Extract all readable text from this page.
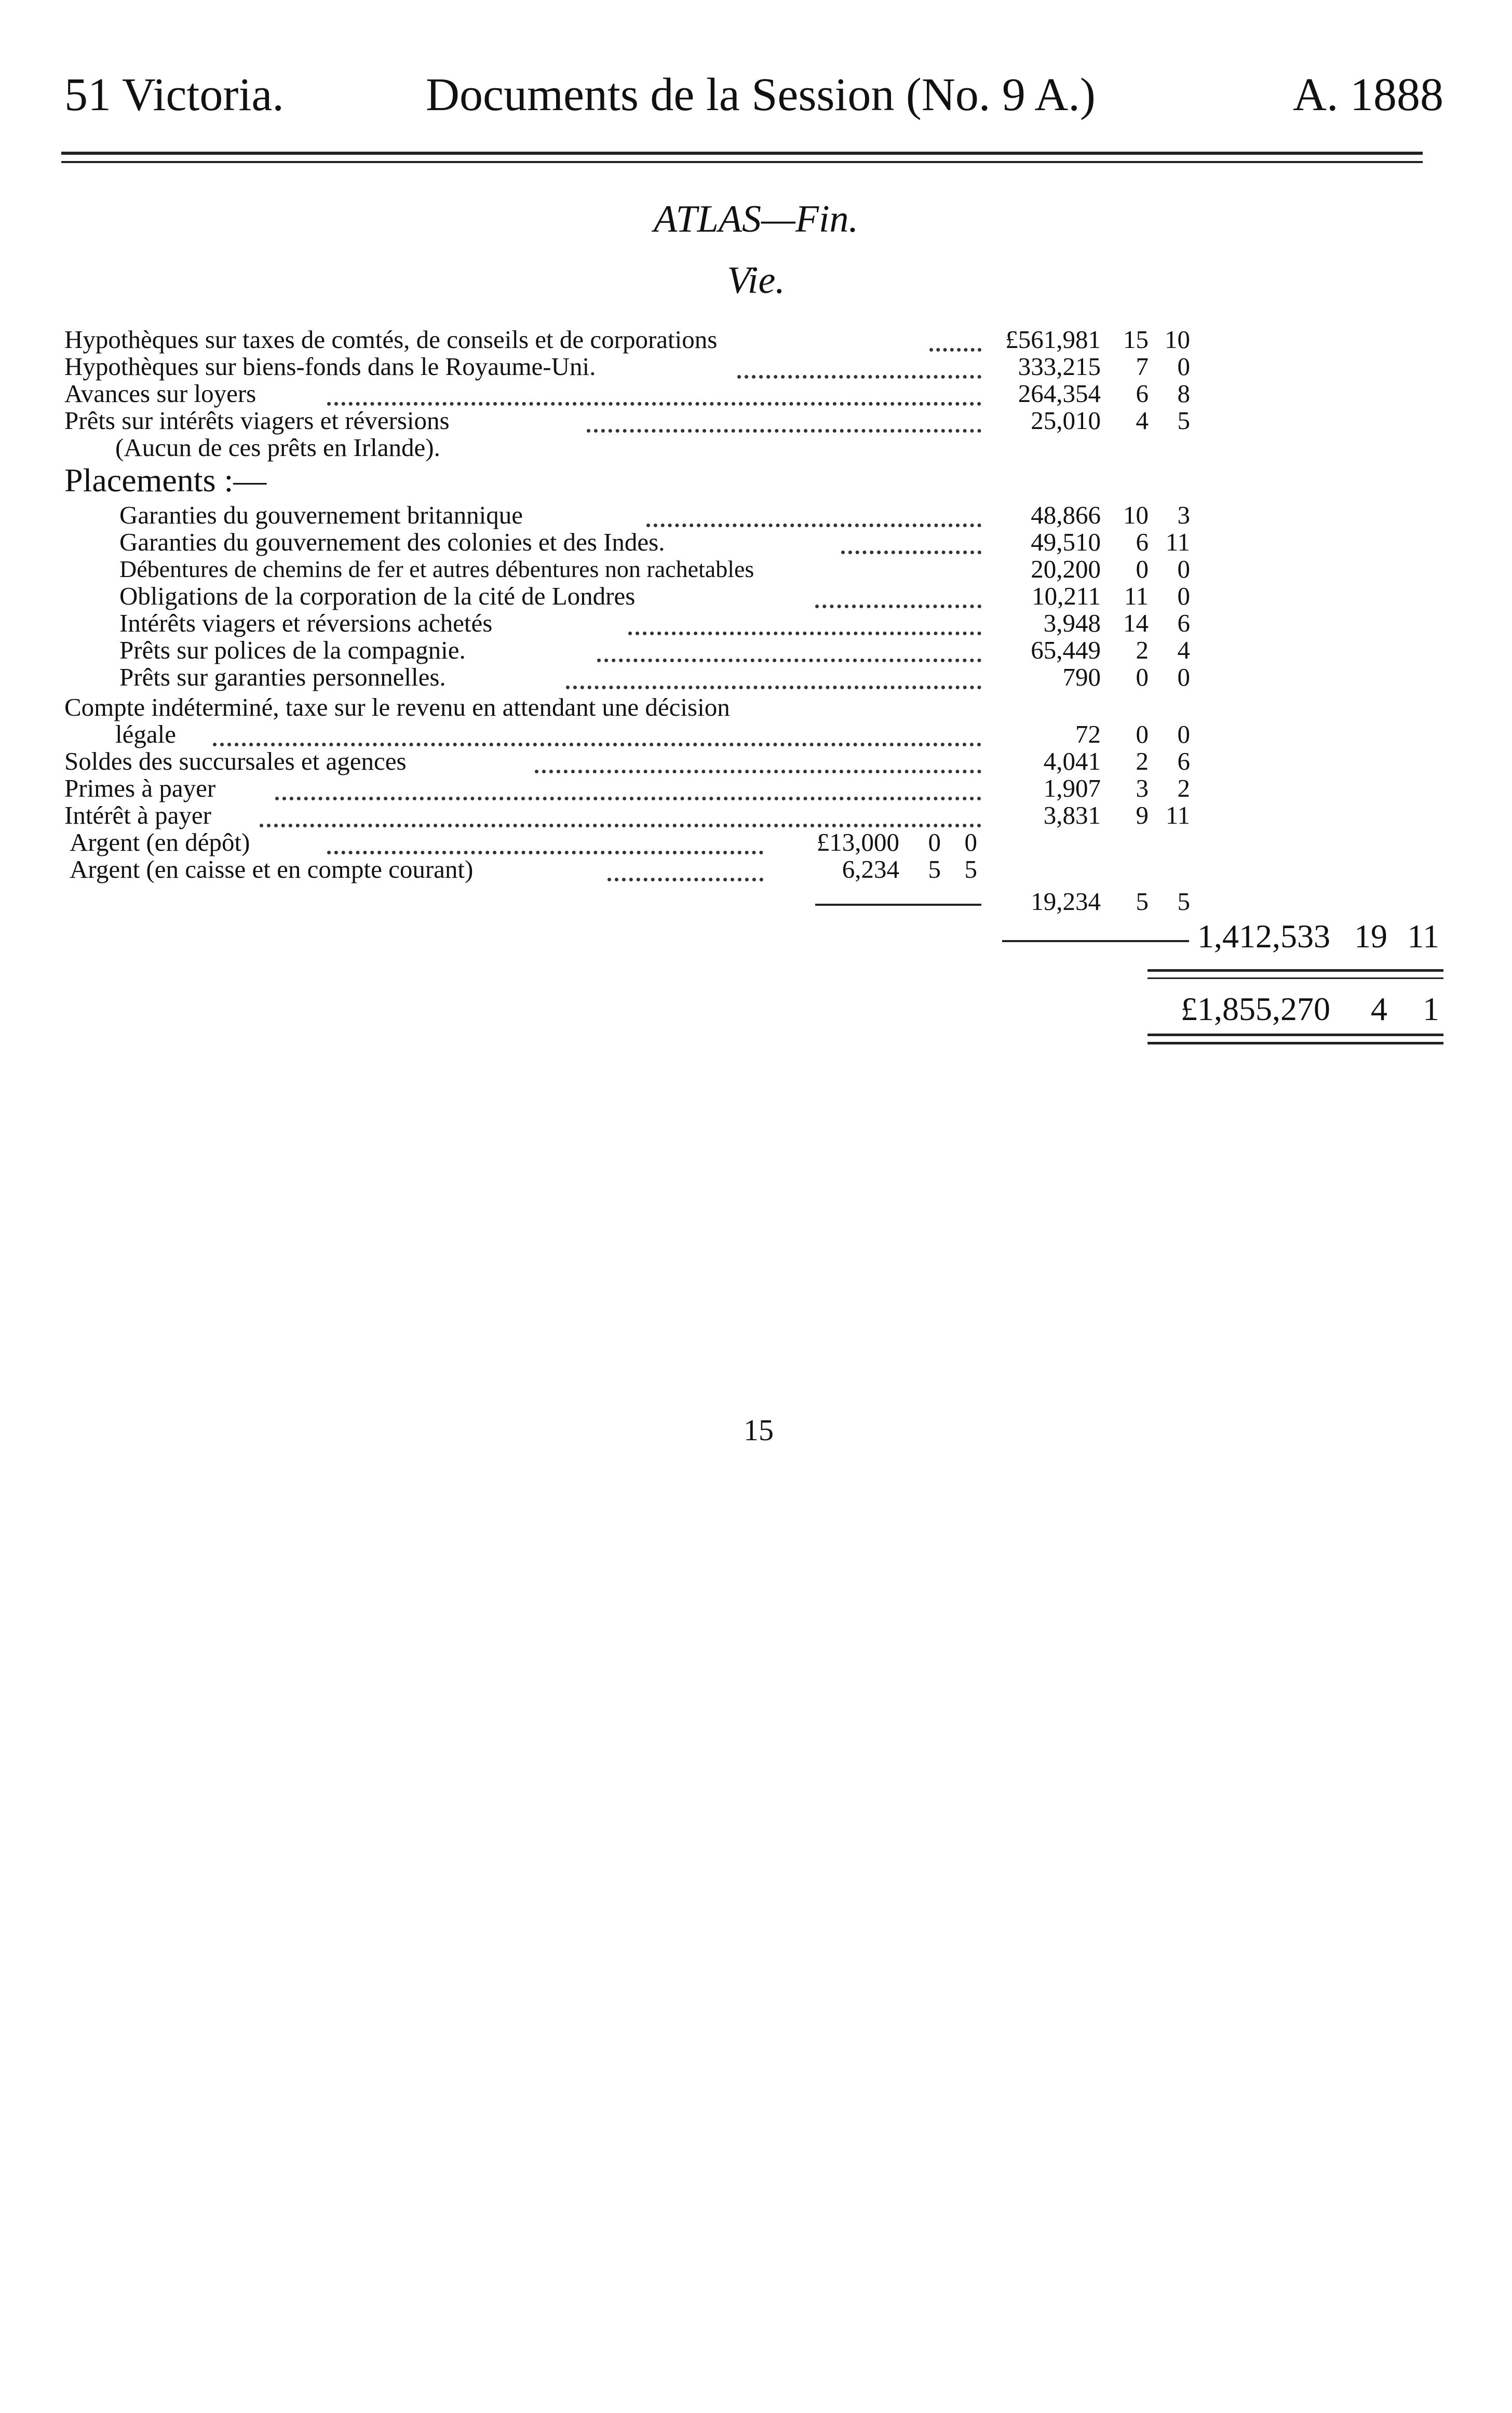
51 Victoria.	Documents de la Session (No. 9 A.)	A. 1888
ATLAS—Fin.
Vie.
Hypothèques sur taxes de comtés, de conseils et de corporations
Hypothèques sur biens-fonds dans le Royaume-Uni.
Avances sur loyers
Prêts sur intérêts viagers et réversions
(Aucun de ces prêts en Irlande).
Placements :—
Garanties du gouvernement britannique
Garanties du gouvernement des colonies et des Indes.
Débentures de chemins de fer et autres débentures non rachetables
Obligations de la corporation de la cité de Londres
Intérêts viagers et réversions achetés
Prêts sur polices de la compagnie.
Prêts sur garanties personnelles.
Compte indéterminé, taxe sur le revenu en attendant une décision
légale
Soldes des succursales et agences
Primes à payer
Intérêt à payer
Argent (en dépôt)
Argent (en caisse et en compte courant)
£561,981 15 10
333,215 7 0
264,354 6 8
25,010 4 5
48,866 10 3
49,510 6 11
20,200 0 0
10,211 11 0
3,948 14 6
65,449 2 4
790 0 0
72 0 0
4,041 2 6
1,907 3 2
3,831 9 11
£13,000 0 0
6,234 5 5
19,234 5 5
1,412,533 19 11
£1,855,270 4 1
15
